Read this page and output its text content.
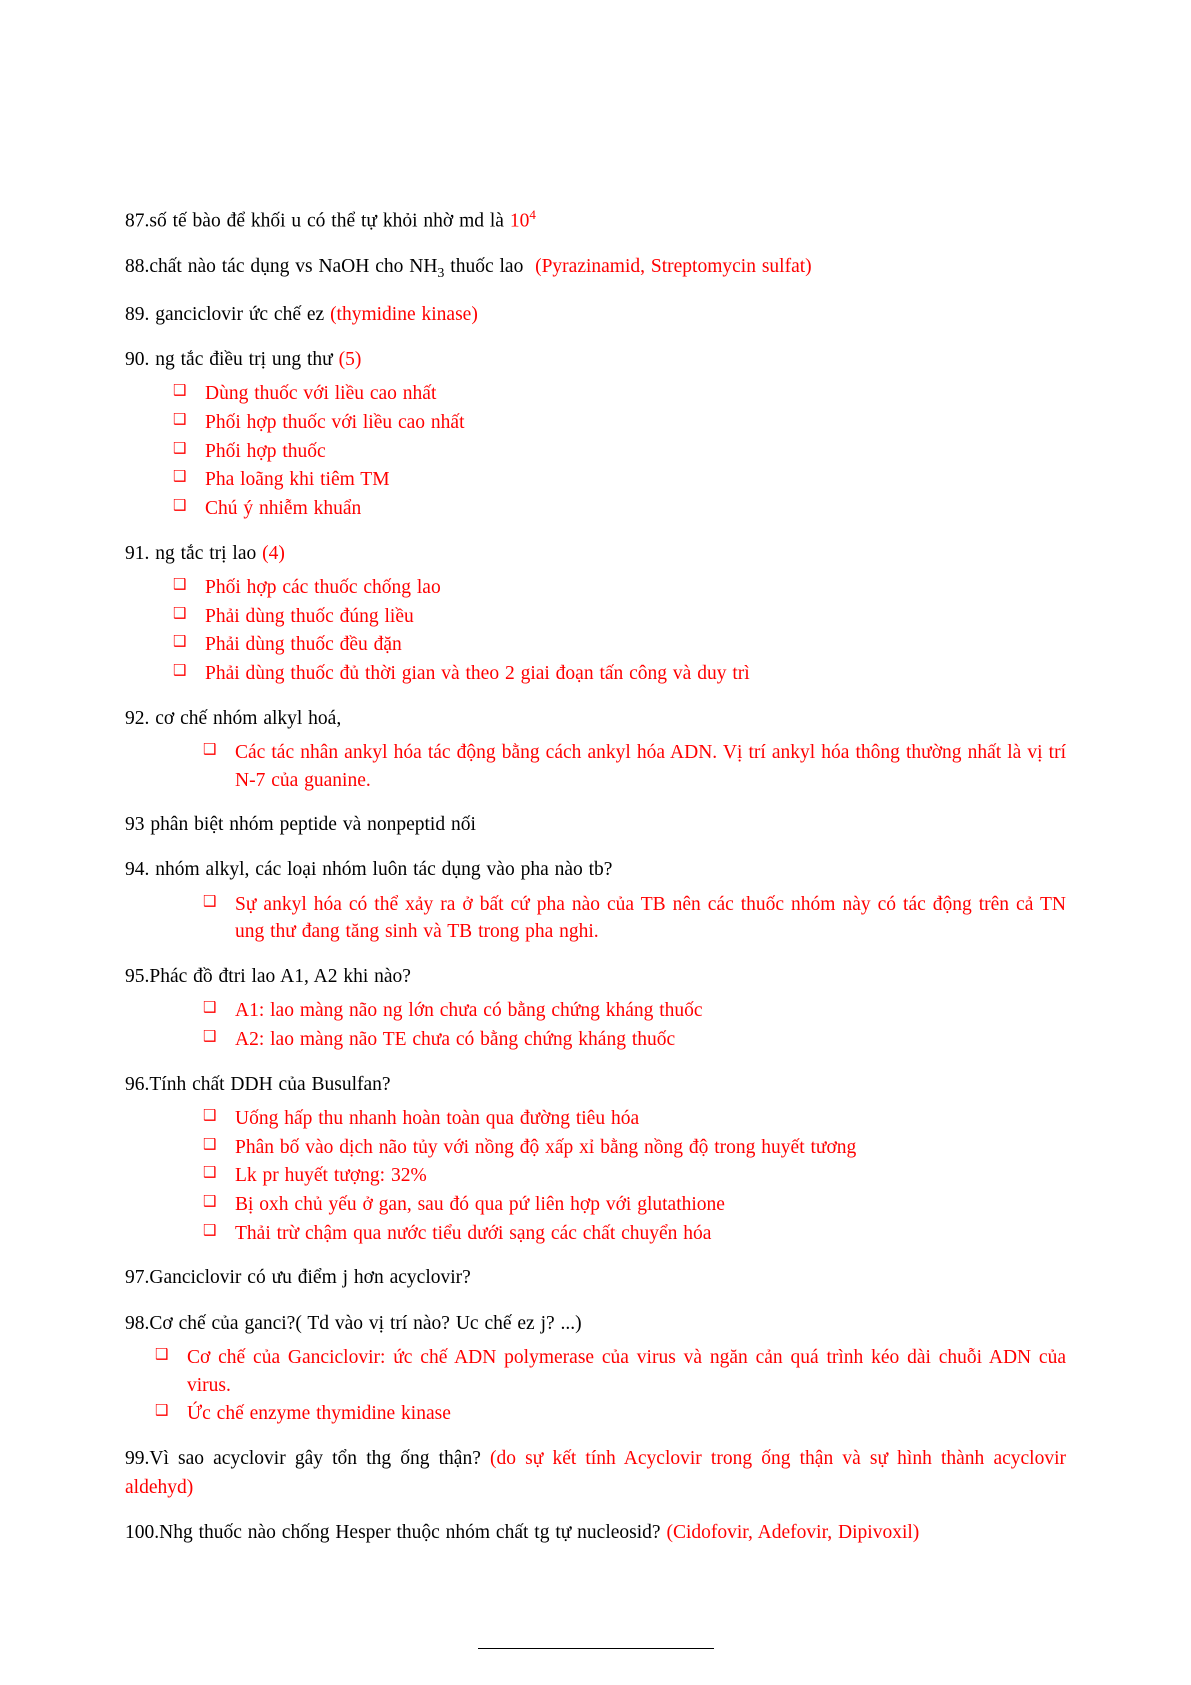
87.số tế bào để khối u có thể tự khỏi nhờ md là $10^4$

88.chất nào tác dụng vs NaOH cho $NH_3$ thuốc lao (Pyrazinamid, Streptomycin sulfat)

89. ganciclovir ức chế ez (thymidine kinase)

90. ng tắc điều trị ung thư (5)

❑ Dùng thuốc với liều cao nhất
❑ Phối hợp thuốc với liều cao nhất
❑ Phối hợp thuốc
❑ Pha loãng khi tiêm TM
❑ Chú ý nhiễm khuẩn

91. ng tắc trị lao (4)

❑ Phối hợp các thuốc chống lao
❑ Phải dùng thuốc đúng liều
❑ Phải dùng thuốc đều đặn
❑ Phải dùng thuốc đủ thời gian và theo 2 giai đoạn tấn công và duy trì

92. cơ chế nhóm alkyl hoá,

❑ Các tác nhân ankyl hóa tác động bằng cách ankyl hóa ADN. Vị trí ankyl hóa thông thường nhất là vị trí N-7 của guanine.

93 phân biệt nhóm peptide và nonpeptid nối

94. nhóm alkyl, các loại nhóm luôn tác dụng vào pha nào tb?

❑ Sự ankyl hóa có thể xảy ra ở bất cứ pha nào của TB nên các thuốc nhóm này có tác động trên cả TN ung thư đang tăng sinh và TB trong pha nghi.

95.Phác đồ đtri lao A1, A2 khi nào?

❑ A1: lao màng não ng lớn chưa có bằng chứng kháng thuốc
❑ A2: lao màng não TE chưa có bằng chứng kháng thuốc

96.Tính chất DDH của Busulfan?

❑ Uống hấp thu nhanh hoàn toàn qua đường tiêu hóa
❑ Phân bố vào dịch não tủy với nồng độ xấp xỉ bằng nồng độ trong huyết tương
❑ Lk pr huyết tượng: 32%
❑ Bị oxh chủ yếu ở gan, sau đó qua pứ liên hợp với glutathione
❑ Thải trừ chậm qua nước tiểu dưới sạng các chất chuyển hóa

97.Ganciclovir có ưu điểm j hơn acyclovir?

98.Cơ chế của ganci?( Td vào vị trí nào? Uc chế ez j? ...)

❑ Cơ chế của Ganciclovir: ức chế ADN polymerase của virus và ngăn cản quá trình kéo dài chuỗi ADN của virus.
❑ Ức chế enzyme thymidine kinase

99.Vì sao acyclovir gây tổn thg ống thận? (do sự kết tính Acyclovir trong ống thận và sự hình thành acyclovir aldehyd)

100.Nhg thuốc nào chống Hesper thuộc nhóm chất tg tự nucleosid? (Cidofovir, Adefovir, Dipivoxil)
